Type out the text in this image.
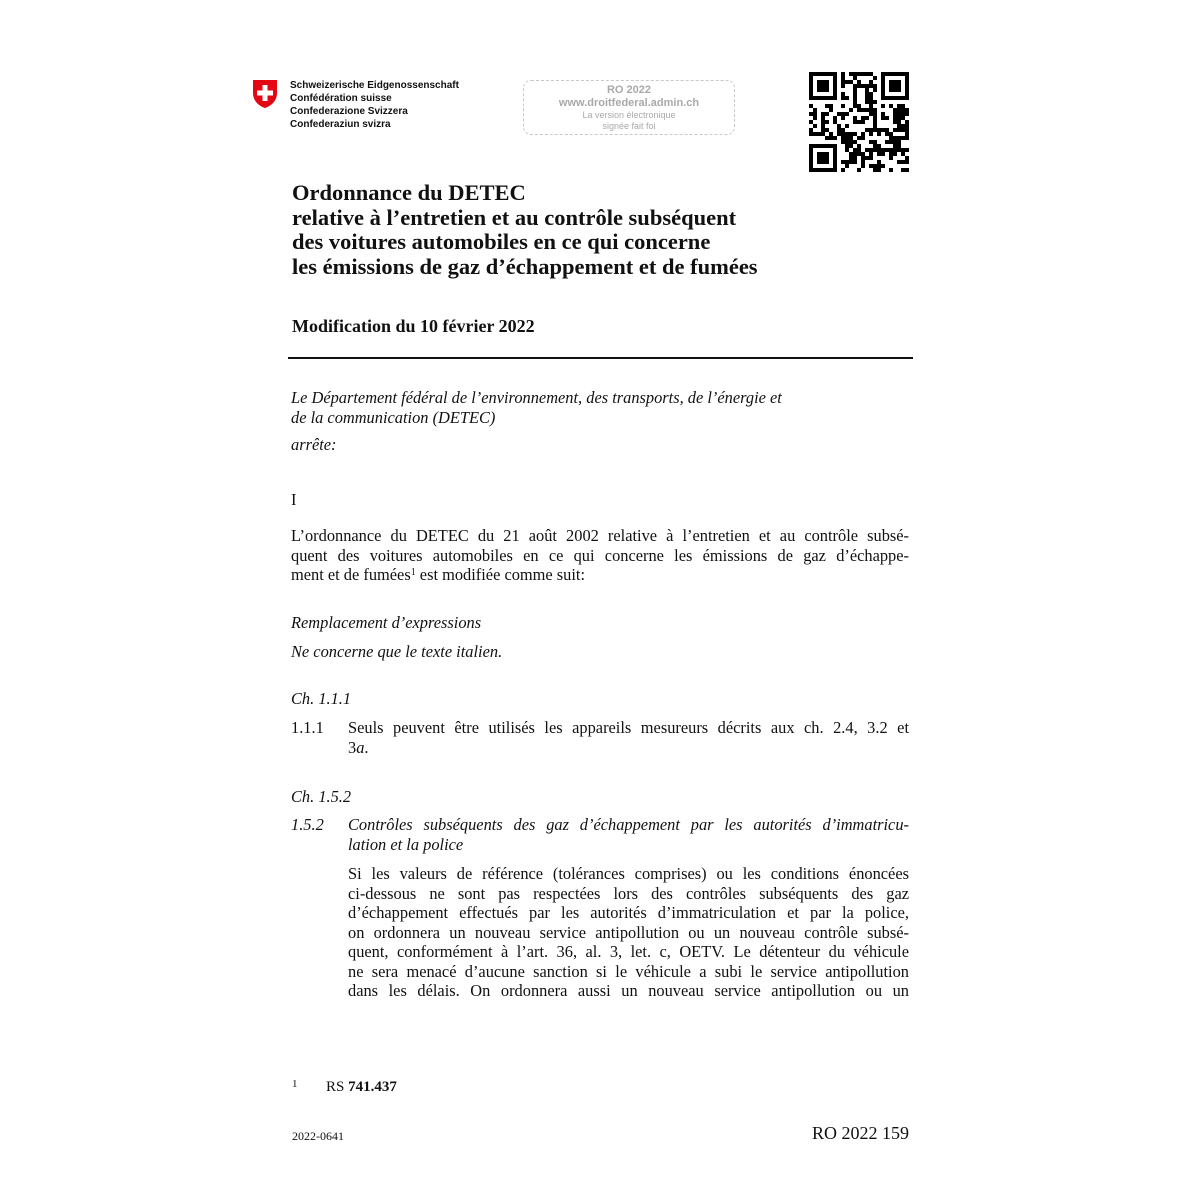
Schweizerische Eidgenossenschaft
Confédération suisse
Confederazione Svizzera
Confederaziun svizra
RO 2022
www.droitfederal.admin.ch
La version électronique
signée fait foi
Ordonnance du DETEC
relative à l’entretien et au contrôle subséquent
des voitures automobiles en ce qui concerne
les émissions de gaz d’échappement et de fumées
Modification du 10 février 2022
Le Département fédéral de l’environnement, des transports, de l’énergie et
de la communication (DETEC)
arrête:
I
L’ordonnance du DETEC du 21 août 2002 relative à l’entretien et au contrôle subsé-
quent des voitures automobiles en ce qui concerne les émissions de gaz d’échappe-
ment et de fumées$^1$ est modifiée comme suit:
Remplacement d’expressions
Ne concerne que le texte italien.
Ch. 1.1.1
1.1.1 Seuls peuvent être utilisés les appareils mesureurs décrits aux ch. 2.4, 3.2 et
3a.
Ch. 1.5.2
1.5.2 Contrôles subséquents des gaz d’échappement par les autorités d’immatricu-
lation et la police
Si les valeurs de référence (tolérances comprises) ou les conditions énoncées
ci-dessous ne sont pas respectées lors des contrôles subséquents des gaz
d’échappement effectués par les autorités d’immatriculation et par la police,
on ordonnera un nouveau service antipollution ou un nouveau contrôle subsé-
quent, conformément à l’art. 36, al. 3, let. c, OETV. Le détenteur du véhicule
ne sera menacé d’aucune sanction si le véhicule a subi le service antipollution
dans les délais. On ordonnera aussi un nouveau service antipollution ou un
1 RS 741.437
2022-0641	RO 2022 159
